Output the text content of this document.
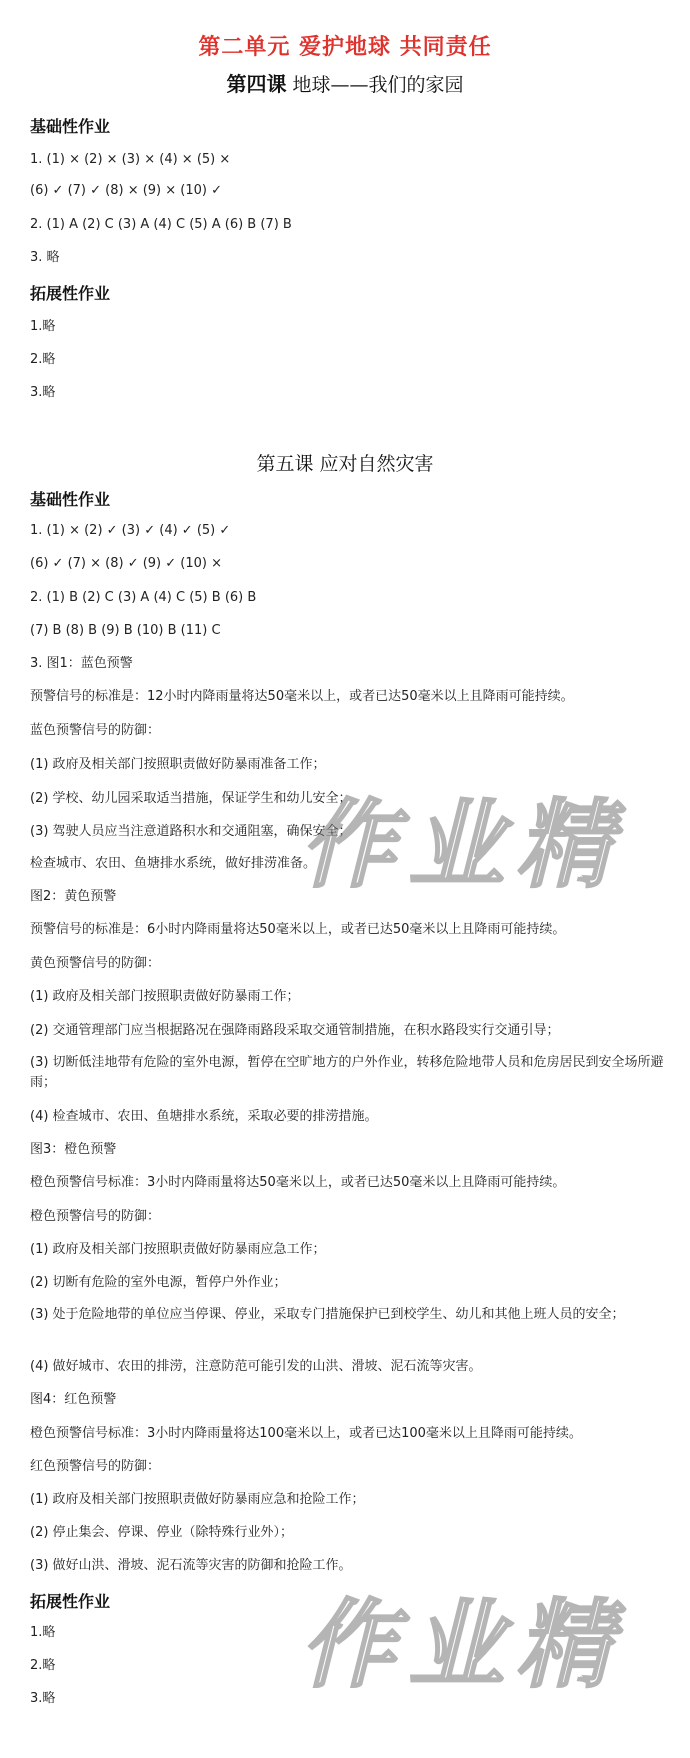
第二单元 爱护地球 共同责任
第四课 地球——我们的家园
基础性作业
1. (1) × (2) × (3) × (4) × (5) ×
(6) ✓ (7) ✓ (8) × (9) × (10) ✓
2. (1) A (2) C (3) A (4) C (5) A (6) B (7) B
3. 略
拓展性作业
1.略
2.略
3.略
第五课 应对自然灾害
基础性作业
1. (1) × (2) ✓ (3) ✓ (4) ✓ (5) ✓
(6) ✓ (7) × (8) ✓ (9) ✓ (10) ×
2. (1) B (2) C (3) A (4) C (5) B (6) B
(7) B (8) B (9) B (10) B (11) C
3. 图1：蓝色预警
预警信号的标准是：12小时内降雨量将达50毫米以上，或者已达50毫米以上且降雨可能持续。
蓝色预警信号的防御：
(1) 政府及相关部门按照职责做好防暴雨准备工作；
(2) 学校、幼儿园采取适当措施，保证学生和幼儿安全；
(3) 驾驶人员应当注意道路积水和交通阻塞，确保安全；
检查城市、农田、鱼塘排水系统，做好排涝准备。
图2：黄色预警
预警信号的标准是：6小时内降雨量将达50毫米以上，或者已达50毫米以上且降雨可能持续。
黄色预警信号的防御：
(1) 政府及相关部门按照职责做好防暴雨工作；
(2) 交通管理部门应当根据路况在强降雨路段采取交通管制措施，在积水路段实行交通引导；
(3) 切断低洼地带有危险的室外电源，暂停在空旷地方的户外作业，转移危险地带人员和危房居民到安全场所避雨；
(4) 检查城市、农田、鱼塘排水系统，采取必要的排涝措施。
图3：橙色预警
橙色预警信号标准：3小时内降雨量将达50毫米以上，或者已达50毫米以上且降雨可能持续。
橙色预警信号的防御：
(1) 政府及相关部门按照职责做好防暴雨应急工作；
(2) 切断有危险的室外电源，暂停户外作业；
(3) 处于危险地带的单位应当停课、停业，采取专门措施保护已到校学生、幼儿和其他上班人员的安全；
(4) 做好城市、农田的排涝，注意防范可能引发的山洪、滑坡、泥石流等灾害。
图4：红色预警
橙色预警信号标准：3小时内降雨量将达100毫米以上，或者已达100毫米以上且降雨可能持续。
红色预警信号的防御：
(1) 政府及相关部门按照职责做好防暴雨应急和抢险工作；
(2) 停止集会、停课、停业（除特殊行业外）；
(3) 做好山洪、滑坡、泥石流等灾害的防御和抢险工作。
拓展性作业
1.略
2.略
3.略
作业精
作业精
